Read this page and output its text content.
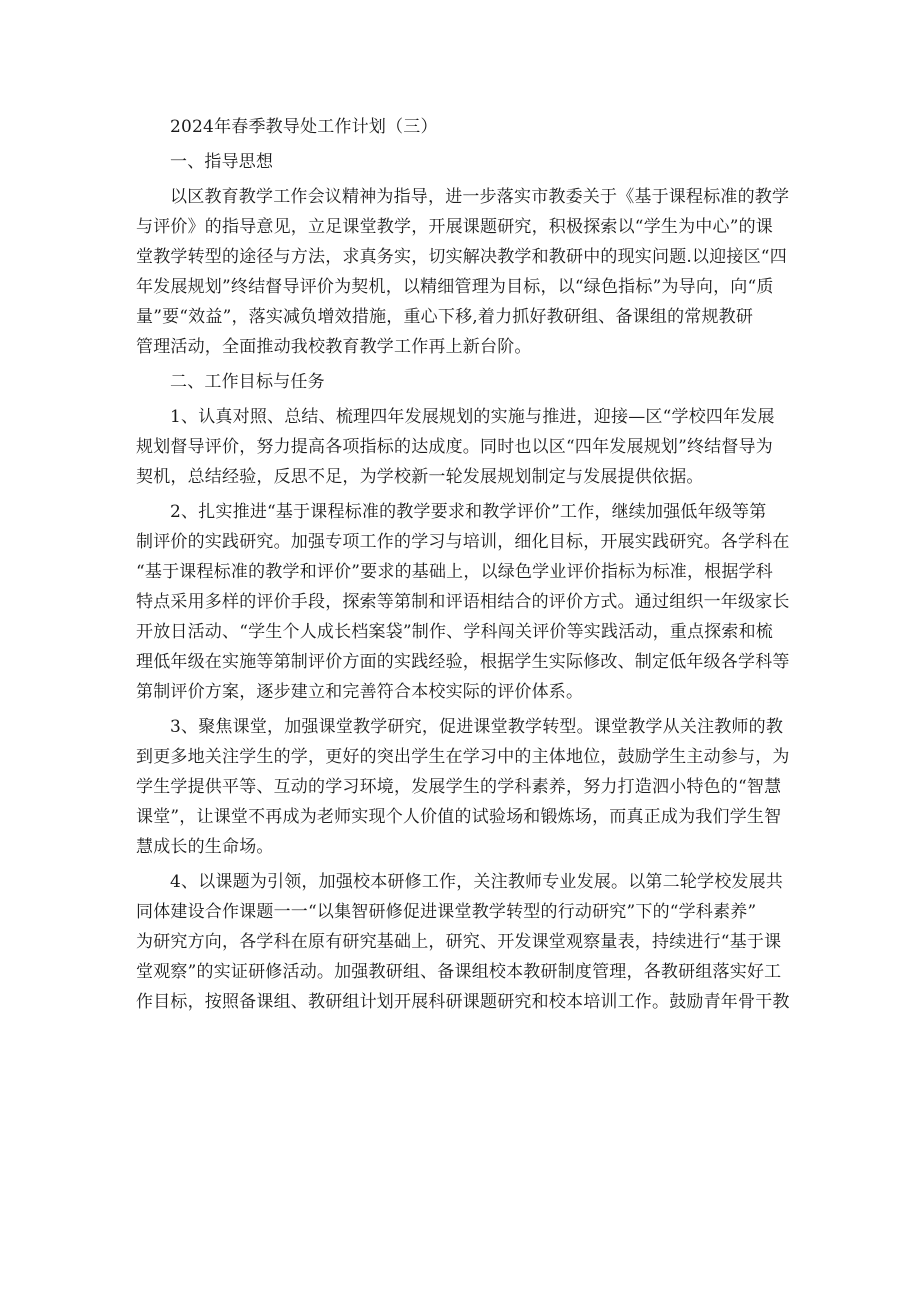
2024年春季教导处工作计划（三）

一、指导思想

以区教育教学工作会议精神为指导，进一步落实市教委关于《基于课程标准的教学

与评价》的指导意见，立足课堂教学，开展课题研究，积极探索以“学生为中心”的课

堂教学转型的途径与方法，求真务实，切实解决教学和教研中的现实问题.以迎接区“四

年发展规划”终结督导评价为契机，以精细管理为目标，以“绿色指标”为导向，向“质

量”要“效益”，落实减负增效措施，重心下移,着力抓好教研组、备课组的常规教研

管理活动，全面推动我校教育教学工作再上新台阶。

二、工作目标与任务

1、认真对照、总结、梳理四年发展规划的实施与推进，迎接—区“学校四年发展

规划督导评价，努力提高各项指标的达成度。同时也以区“四年发展规划”终结督导为

契机，总结经验，反思不足，为学校新一轮发展规划制定与发展提供依据。

2、扎实推进“基于课程标准的教学要求和教学评价”工作，继续加强低年级等第

制评价的实践研究。加强专项工作的学习与培训，细化目标，开展实践研究。各学科在

“基于课程标准的教学和评价”要求的基础上，以绿色学业评价指标为标准，根据学科

特点采用多样的评价手段，探索等第制和评语相结合的评价方式。通过组织一年级家长

开放日活动、“学生个人成长档案袋”制作、学科闯关评价等实践活动，重点探索和梳

理低年级在实施等第制评价方面的实践经验，根据学生实际修改、制定低年级各学科等

第制评价方案，逐步建立和完善符合本校实际的评价体系。

3、聚焦课堂，加强课堂教学研究，促进课堂教学转型。课堂教学从关注教师的教

到更多地关注学生的学，更好的突出学生在学习中的主体地位，鼓励学生主动参与，为

学生学提供平等、互动的学习环境，发展学生的学科素养，努力打造泗小特色的“智慧

课堂”，让课堂不再成为老师实现个人价值的试验场和锻炼场，而真正成为我们学生智

慧成长的生命场。

4、以课题为引领，加强校本研修工作，关注教师专业发展。以第二轮学校发展共

同体建设合作课题一一“以集智研修促进课堂教学转型的行动研究”下的“学科素养”

为研究方向，各学科在原有研究基础上，研究、开发课堂观察量表，持续进行“基于课

堂观察”的实证研修活动。加强教研组、备课组校本教研制度管理，各教研组落实好工

作目标，按照备课组、教研组计划开展科研课题研究和校本培训工作。鼓励青年骨干教
